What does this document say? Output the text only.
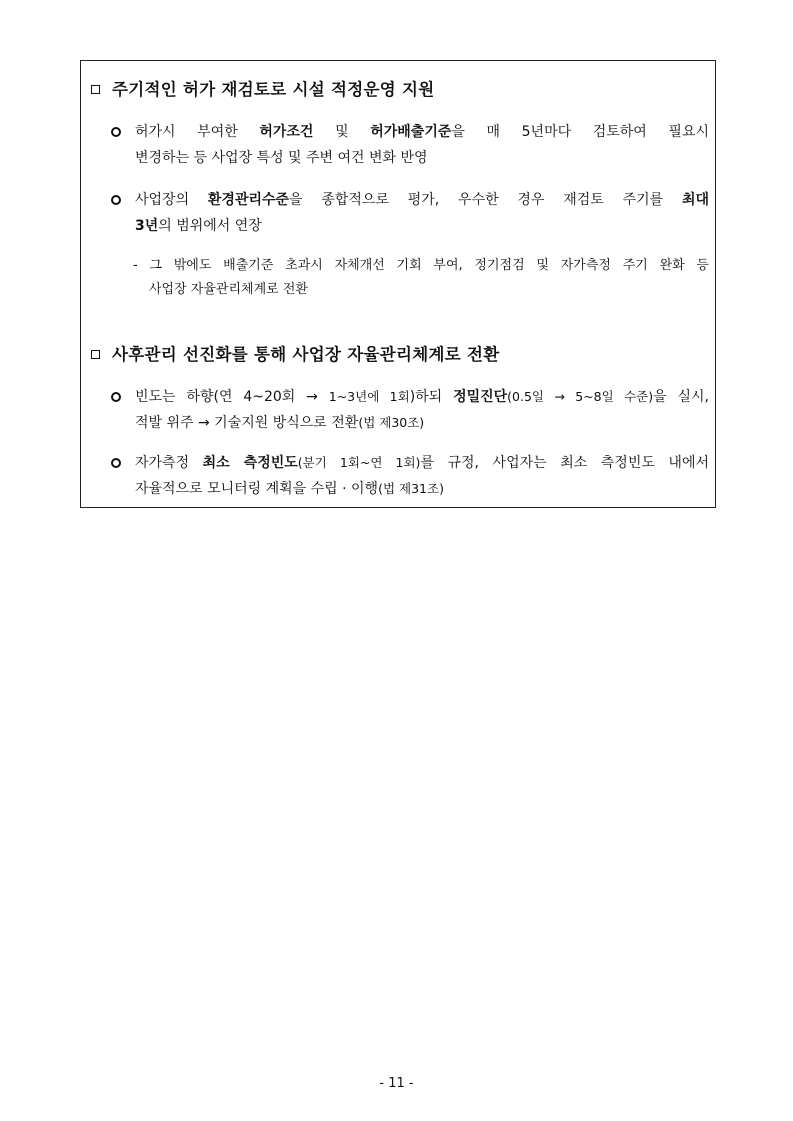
주기적인 허가 재검토로 시설 적정운영 지원
허가시 부여한 허가조건 및 허가배출기준을 매 5년마다 검토하여 필요시
변경하는 등 사업장 특성 및 주변 여건 변화 반영
사업장의 환경관리수준을 종합적으로 평가, 우수한 경우 재검토 주기를 최대
3년의 범위에서 연장
- 그 밖에도 배출기준 초과시 자체개선 기회 부여, 정기점검 및 자가측정 주기 완화 등
사업장 자율관리체계로 전환
사후관리 선진화를 통해 사업장 자율관리체계로 전환
빈도는 하향(연 4~20회 → 1~3년에 1회)하되 정밀진단(0.5일 → 5~8일 수준)을 실시,
적발 위주 → 기술지원 방식으로 전환(법 제30조)
자가측정 최소 측정빈도(분기 1회~연 1회)를 규정, 사업자는 최소 측정빈도 내에서
자율적으로 모니터링 계획을 수립 · 이행(법 제31조)
- 11 -
